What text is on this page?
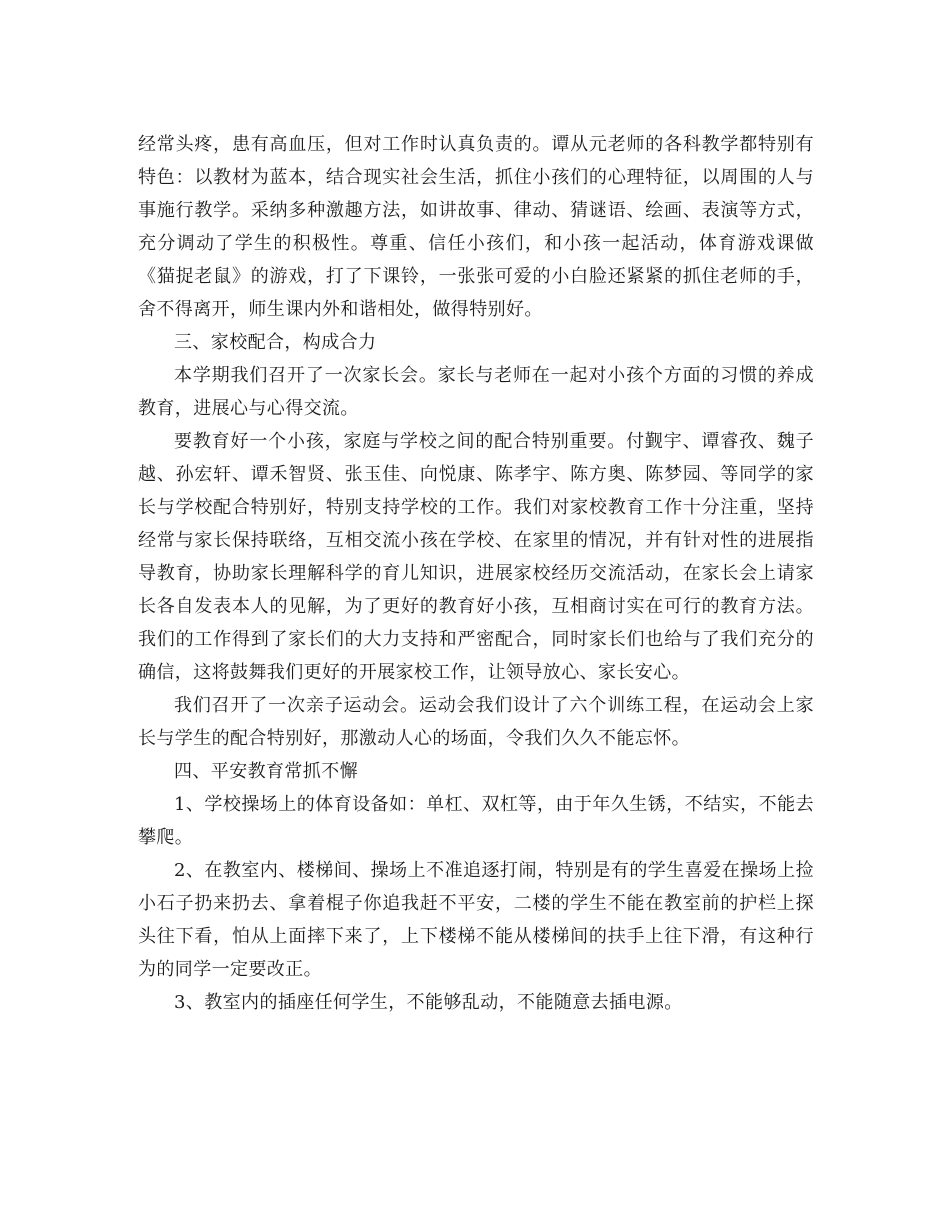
经常头疼，患有高血压，但对工作时认真负责的。谭从元老师的各科教学都特别有特色：以教材为蓝本，结合现实社会生活，抓住小孩们的心理特征，以周围的人与事施行教学。采纳多种激趣方法，如讲故事、律动、猜谜语、绘画、表演等方式，充分调动了学生的积极性。尊重、信任小孩们，和小孩一起活动，体育游戏课做《猫捉老鼠》的游戏，打了下课铃，一张张可爱的小白脸还紧紧的抓住老师的手，舍不得离开，师生课内外和谐相处，做得特别好。

三、家校配合，构成合力

本学期我们召开了一次家长会。家长与老师在一起对小孩个方面的习惯的养成教育，进展心与心得交流。

要教育好一个小孩，家庭与学校之间的配合特别重要。付觐宇、谭睿孜、魏子越、孙宏轩、谭禾智贤、张玉佳、向悦康、陈孝宇、陈方奥、陈梦园、等同学的家长与学校配合特别好，特别支持学校的工作。我们对家校教育工作十分注重，坚持经常与家长保持联络，互相交流小孩在学校、在家里的情况，并有针对性的进展指导教育，协助家长理解科学的育儿知识，进展家校经历交流活动，在家长会上请家长各自发表本人的见解，为了更好的教育好小孩，互相商讨实在可行的教育方法。我们的工作得到了家长们的大力支持和严密配合，同时家长们也给与了我们充分的确信，这将鼓舞我们更好的开展家校工作，让领导放心、家长安心。

我们召开了一次亲子运动会。运动会我们设计了六个训练工程，在运动会上家长与学生的配合特别好，那激动人心的场面，令我们久久不能忘怀。

四、平安教育常抓不懈

1、学校操场上的体育设备如：单杠、双杠等，由于年久生锈，不结实，不能去攀爬。

2、在教室内、楼梯间、操场上不准追逐打闹，特别是有的学生喜爱在操场上捡小石子扔来扔去、拿着棍子你追我赶不平安，二楼的学生不能在教室前的护栏上探头往下看，怕从上面摔下来了，上下楼梯不能从楼梯间的扶手上往下滑，有这种行为的同学一定要改正。

3、教室内的插座任何学生，不能够乱动，不能随意去插电源。
